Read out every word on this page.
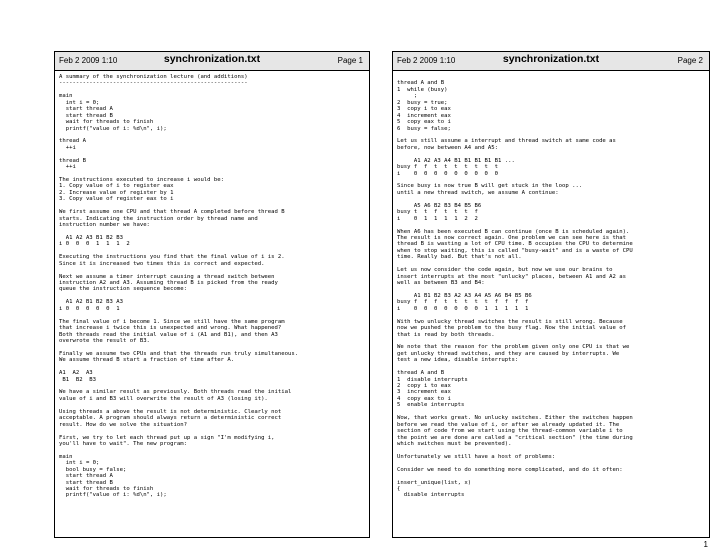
Feb 2 2009 1:10	synchronization.txt	Page 1
A summary of the synchronization lecture (and additions)
--------------------------------------------------------
main
int i = 0;
start thread A
start thread B
wait for threads to finish
printf("value of i: %d\n", i);
thread A
++i
thread B
++i
The instructions executed to increase i would be:
1. Copy value of i to register eax
2. Increase value of register by 1
3. Copy value of register eax to i
We first assume one CPU and that thread A completed before thread B
starts. Indicating the instruction order by thread name and
instruction number we have:
A1 A2 A3 B1 B2 B3
i 0  0  0  1  1  1  2
Executing the instructions you find that the final value of i is 2.
Since it is increased two times this is correct and expected.
Next we assume a timer interrupt causing a thread switch between
instruction A2 and A3. Assuming thread B is picked from the ready
queue the instruction sequence become:
A1 A2 B1 B2 B3 A3
i 0  0  0  0  0  1
The final value of i become 1. Since we still have the same program
that increase i twice this is unexpected and wrong. What happened?
Both threads read the initial value of i (A1 and B1), and then A3
overwrote the result of B3.
Finally we assume two CPUs and that the threads run truly simultaneous.
We assume thread B start a fraction of time after A.
A1  A2  A3
B1  B2  B3
We have a similar result as previously. Both threads read the initial
value of i and B3 will overwrite the result of A3 (losing it).
Using threads a above the result is not deterministic. Clearly not
acceptable. A program should always return a deterministic correct
result. How do we solve the situation?
First, we try to let each thread put up a sign "I'm modifying i,
you'll have to wait". The new program:
main
int i = 0;
bool busy = false;
start thread A
start thread B
wait for threads to finish
printf("value of i: %d\n", i);
Feb 2 2009 1:10	synchronization.txt	Page 2
thread A and B
1  while (busy)
;
2  busy = true;
3  copy i to eax
4  increment eax
5  copy eax to i
6  busy = false;
Let us still assume a interrupt and thread switch at same code as
before, now between A4 and A5:
A1 A2 A3 A4 B1 B1 B1 B1 B1 ...
busy f  f  t  t  t  t  t  t  t
i    0  0  0  0  0  0  0  0  0
Since busy is now true B will get stuck in the loop ...
until a new thread switch, we assume A continue:
A5 A6 B2 B3 B4 B5 B6
busy t  t  f  t  t  t  f
i    0  1  1  1  1  2  2
When A6 has been executed B can continue (once B is scheduled again).
The result is now correct again. One problem we can see here is that
thread B is wasting a lot of CPU time. B occupies the CPU to determine
when to stop waiting, this is called "busy-wait" and is a waste of CPU
time. Really bad. But that's not all.
Let us now consider the code again, but now we use our brains to
insert interrupts at the most "unlucky" places, between A1 and A2 as
well as between B3 and B4:
A1 B1 B2 B3 A2 A3 A4 A5 A6 B4 B5 B6
busy f  f  f  t  t  t  t  t  f  f  f  f
i    0  0  0  0  0  0  0  1  1  1  1  1
With two unlucky thread switches the result is still wrong. Because
now we pushed the problem to the busy flag. Now the initial value of
that is read by both threads.
We note that the reason for the problem given only one CPU is that we
get unlucky thread switches, and they are caused by interrupts. We
test a new idea, disable interrupts:
thread A and B
1  disable interrupts
2  copy i to eax
3  increment eax
4  copy eax to i
5  enable interrupts
Wow, that works great. No unlucky switches. Either the switches happen
before we read the value of i, or after we already updated it. The
section of code from we start using the thread-common variable i to
the point we are done are called a "critical section" (the time during
which switches must be prevented).
Unfortunately we still have a host of problems:
Consider we need to do something more complicated, and do it often:
insert_unique(list, x)
{
disable interrupts
1
